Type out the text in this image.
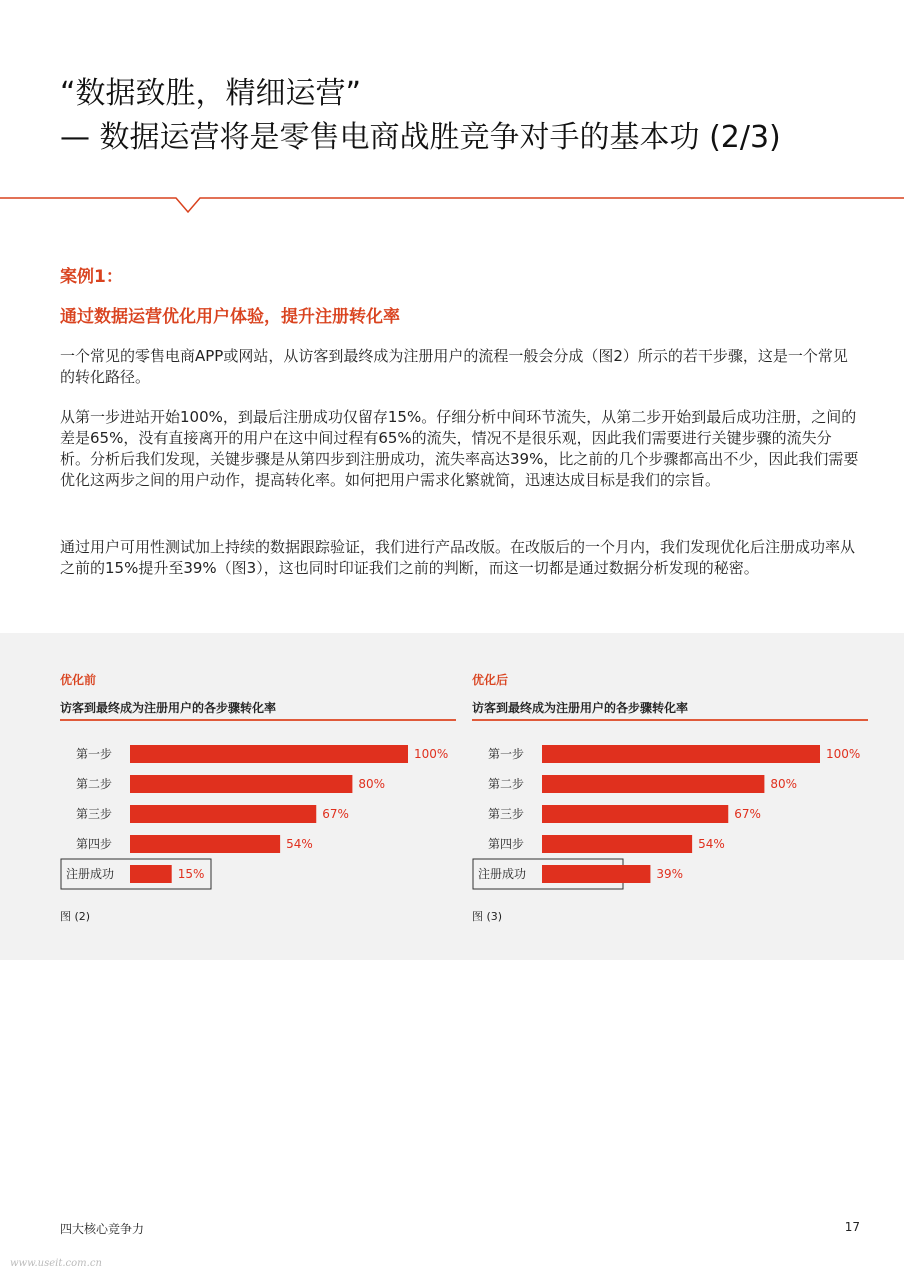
“数据致胜，精细运营”
— 数据运营将是零售电商战胜竞争对手的基本功 (2/3)
案例1：
通过数据运营优化用户体验，提升注册转化率
一个常见的零售电商APP或网站，从访客到最终成为注册用户的流程一般会分成（图2）所示的若干步骤，这是一个常见的转化路径。
从第一步进站开始100%，到最后注册成功仅留存15%。仔细分析中间环节流失，从第二步开始到最后成功注册，之间的差是65%，没有直接离开的用户在这中间过程有65%的流失，情况不是很乐观，因此我们需要进行关键步骤的流失分析。分析后我们发现，关键步骤是从第四步到注册成功，流失率高达39%，比之前的几个步骤都高出不少，因此我们需要优化这两步之间的用户动作，提高转化率。如何把用户需求化繁就简，迅速达成目标是我们的宗旨。
通过用户可用性测试加上持续的数据跟踪验证，我们进行产品改版。在改版后的一个月内，我们发现优化后注册成功率从之前的15%提升至39%（图3），这也同时印证我们之前的判断，而这一切都是通过数据分析发现的秘密。
优化前
访客到最终成为注册用户的各步骤转化率
第一步	100%
第二步	80%
第三步	67%
第四步	54%
注册成功	15%
图 (2)
优化后
访客到最终成为注册用户的各步骤转化率
第一步	100%
第二步	80%
第三步	67%
第四步	54%
注册成功	39%
图 (3)
四大核心竞争力	17
www.useit.com.cn
